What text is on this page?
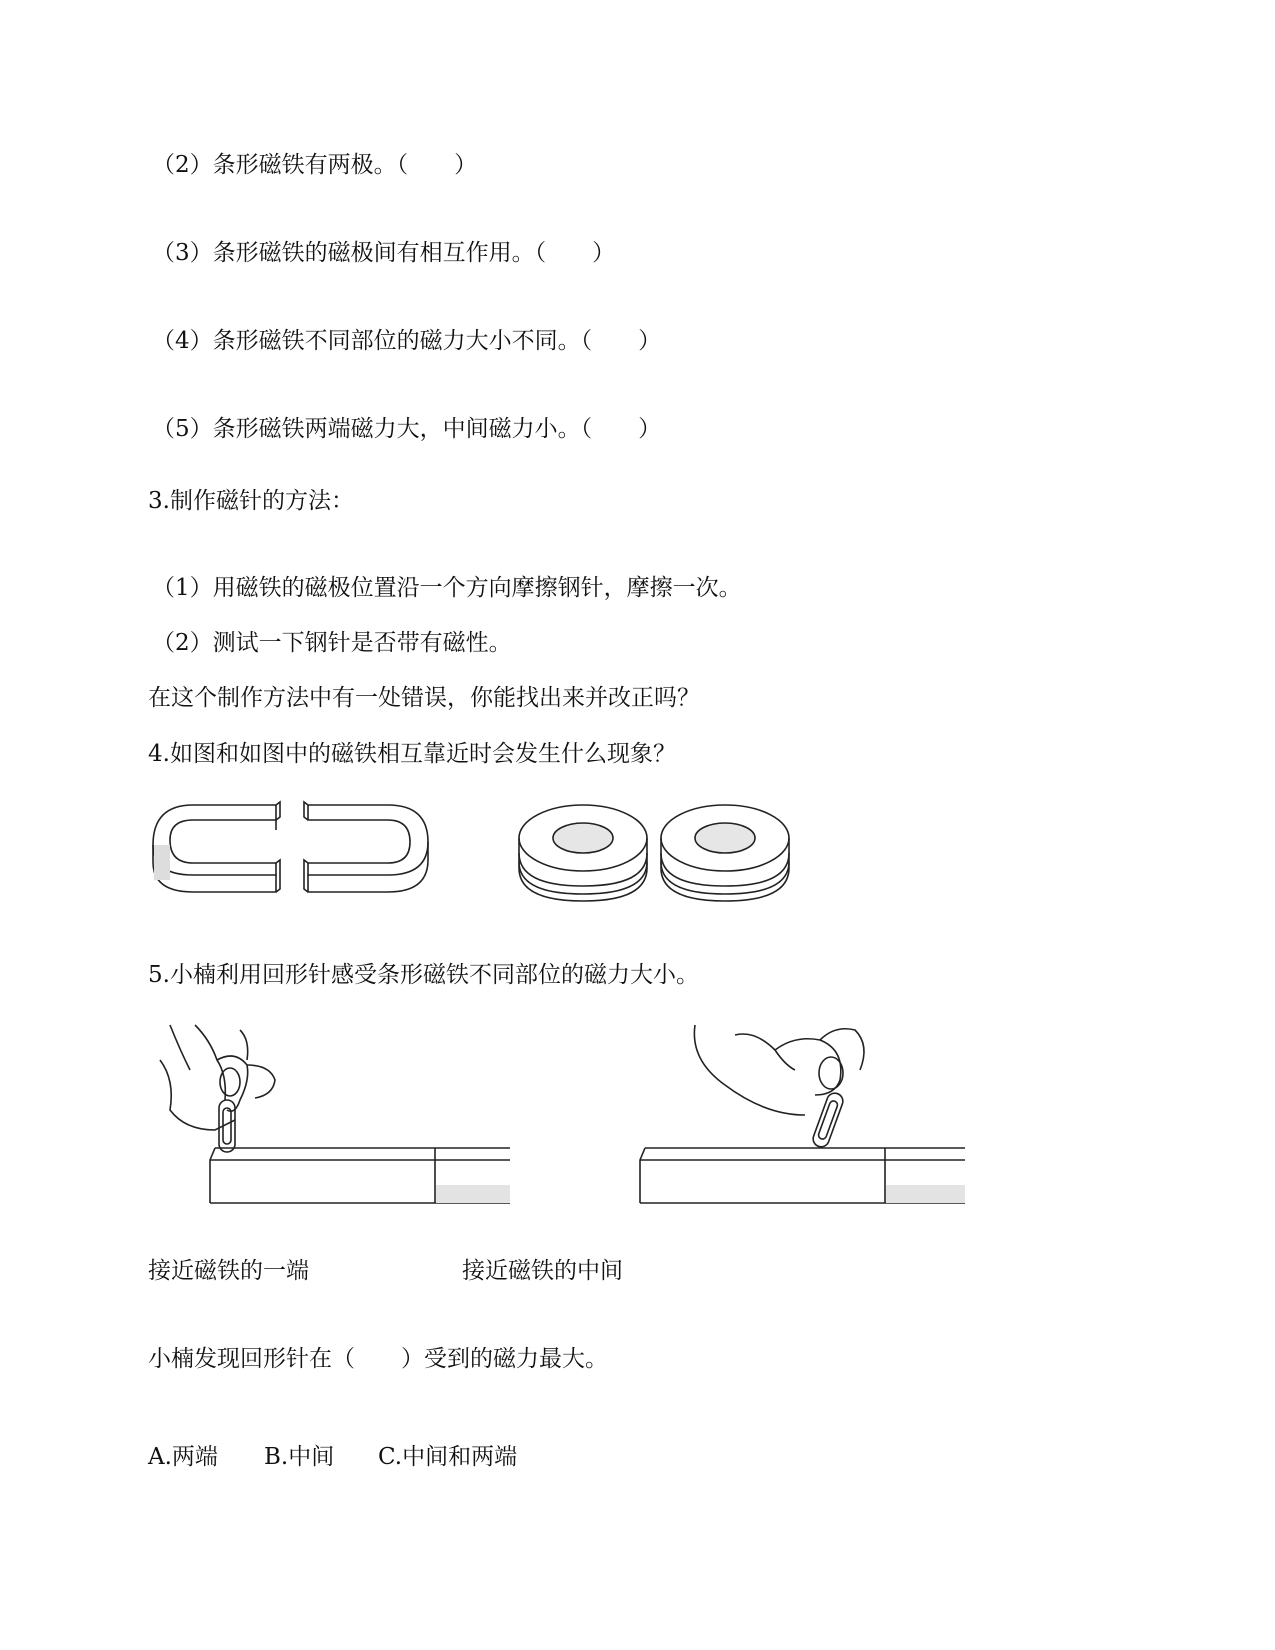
（2）条形磁铁有两极。（　　）
（3）条形磁铁的磁极间有相互作用。（　　）
（4）条形磁铁不同部位的磁力大小不同。（　　）
（5）条形磁铁两端磁力大，中间磁力小。（　　）
3.制作磁针的方法：
（1）用磁铁的磁极位置沿一个方向摩擦钢针，摩擦一次。
（2）测试一下钢针是否带有磁性。
在这个制作方法中有一处错误，你能找出来并改正吗？
4.如图和如图中的磁铁相互靠近时会发生什么现象？
5.小楠利用回形针感受条形磁铁不同部位的磁力大小。
接近磁铁的一端	接近磁铁的中间
小楠发现回形针在（　　）受到的磁力最大。
A.两端 B.中间 C.中间和两端
